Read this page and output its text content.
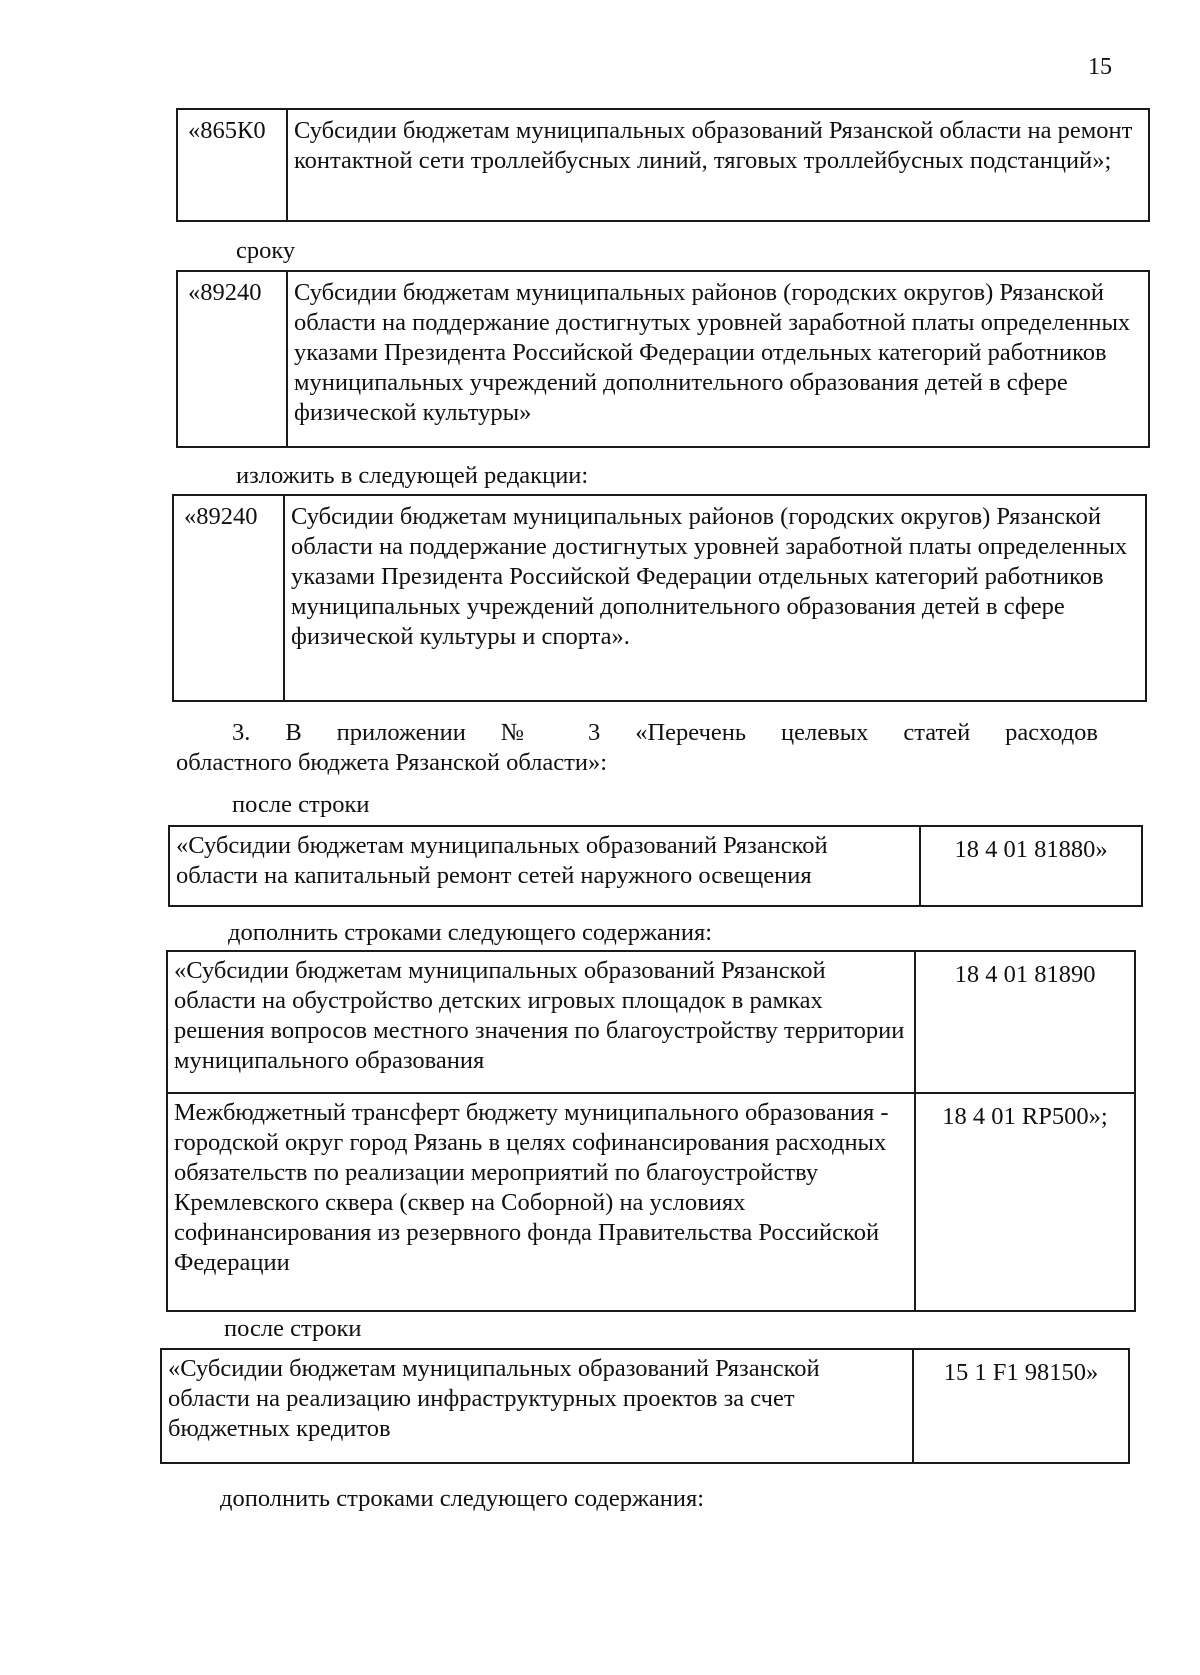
15
«865К0	Субсидии бюджетам муниципальных образований Рязанской области на ремонт контактной сети троллейбусных линий, тяговых троллейбусных подстанций»;
сроку
«89240	Субсидии бюджетам муниципальных районов (городских округов) Рязанской области на поддержание достигнутых уровней заработной платы определенных указами Президента Российской Федерации отдельных категорий работников муниципальных учреждений дополнительного образования детей в сфере физической культуры»
изложить в следующей редакции:
«89240	Субсидии бюджетам муниципальных районов (городских округов) Рязанской области на поддержание достигнутых уровней заработной платы определенных указами Президента Российской Федерации отдельных категорий работников муниципальных учреждений дополнительного образования детей в сфере физической культуры и спорта».
3. В приложении № 3 «Перечень целевых статей расходов
областного бюджета Рязанской области»:
после строки
«Субсидии бюджетам муниципальных образований Рязанской области на капитальный ремонт сетей наружного освещения	18 4 01 81880»
дополнить строками следующего содержания:
«Субсидии бюджетам муниципальных образований Рязанской области на обустройство детских игровых площадок в рамках решения вопросов местного значения по благоустройству территории муниципального образования	18 4 01 81890
Межбюджетный трансферт бюджету муниципального образования - городской округ город Рязань в целях софинансирования расходных обязательств по реализации мероприятий по благоустройству Кремлевского сквера (сквер на Соборной) на условиях софинансирования из резервного фонда Правительства Российской Федерации	18 4 01 RP500»;
после строки
«Субсидии бюджетам муниципальных образований Рязанской области на реализацию инфраструктурных проектов за счет бюджетных кредитов	15 1 F1 98150»
дополнить строками следующего содержания:
